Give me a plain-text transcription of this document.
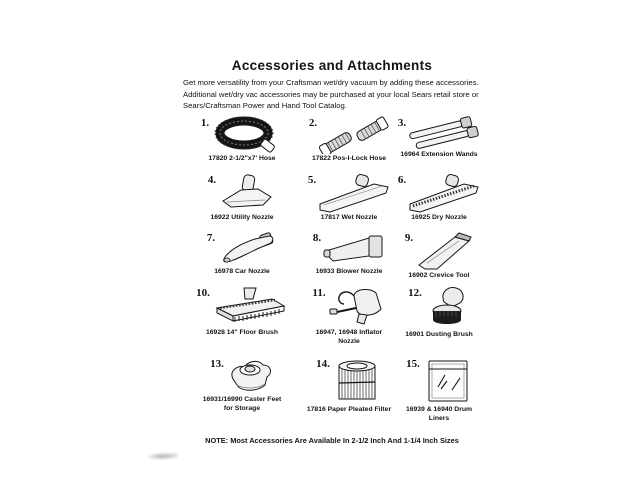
Accessories and Attachments

Get more versatility from your Craftsman wet/dry vacuum by adding these accessories.

Additional wet/dry vac accessories may be purchased at your local Sears retail store or Sears/Craftsman Power and Hand Tool Catalog.

1.
17820 2-1/2"x7' Hose
2.
17822 Pos-I-Lock Hose
3.
16964 Extension Wands
4.
16922 Utility Nozzle
5.
17817 Wet Nozzle
6.
16925 Dry Nozzle
7.
16978 Car Nozzle
8.
16933 Blower Nozzle
9.
16902 Crevice Tool
10.
16928 14" Floor Brush
11.
16947, 16948 Inflator Nozzle
12.
16901 Dusting Brush
13.
16931/16990 Caster Feet for Storage
14.
17816 Paper Pleated Filter
15.
16939 & 16940 Drum Liners
NOTE: Most Accessories Are Available In 2-1/2 Inch And 1-1/4 Inch Sizes
